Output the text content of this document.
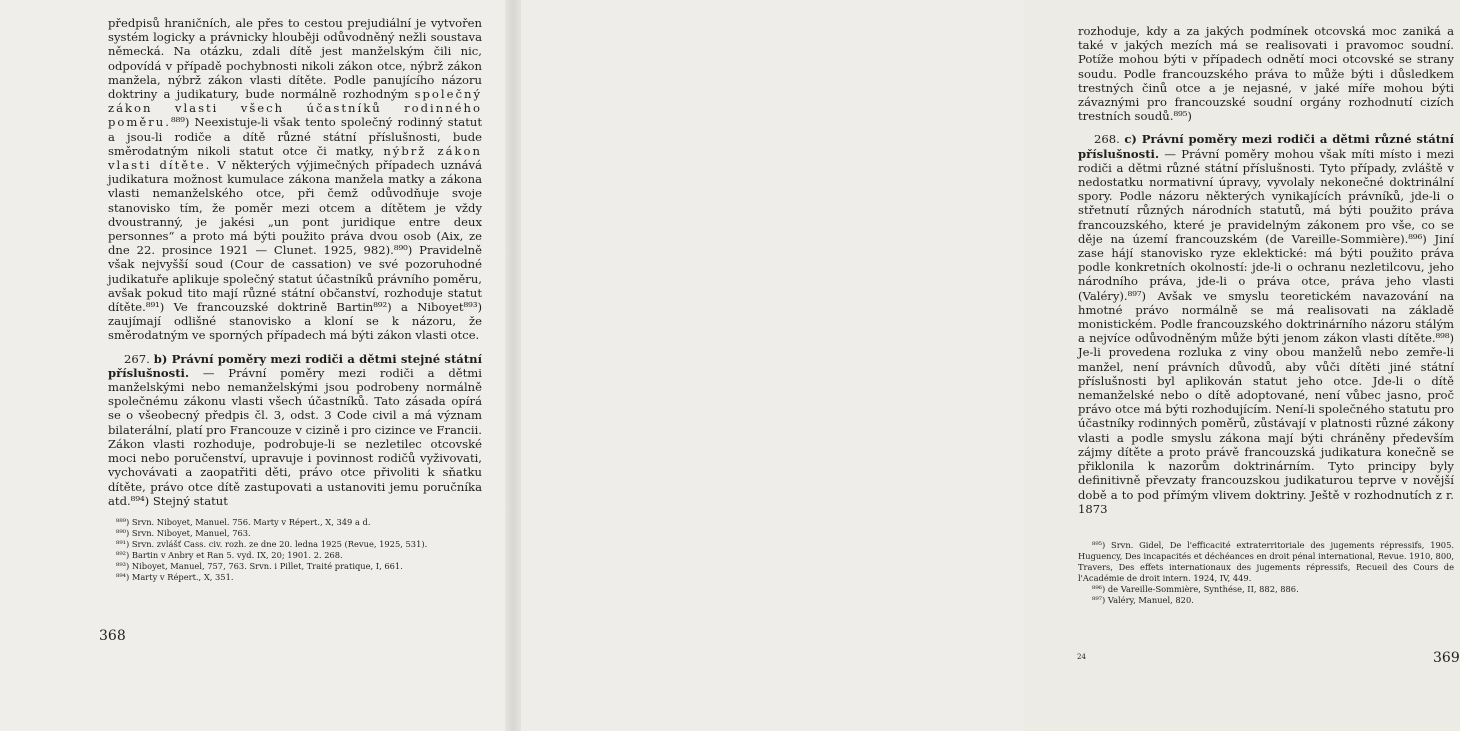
předpisů hraničních, ale přes to cestou prejudiální je vytvořen systém logicky a právnicky hlouběji odůvodněný nežli soustava německá. Na otázku, zdali dítě jest manželským čili nic, odpovídá v případě pochybnosti nikoli zákon otce, nýbrž zákon manžela, nýbrž zákon vlasti dítěte. Podle panujícího názoru doktriny a judikatury, bude normálně rozhodným společný zákon vlasti všech účastníků rodinného poměru.⁸⁸⁹) Neexistuje-li však tento společný rodinný statut a jsou-li rodiče a dítě různé státní příslušnosti, bude směrodatným nikoli statut otce či matky, nýbrž zákon vlasti dítěte. V některých výjimečných případech uznává judikatura možnost kumulace zákona manžela matky a zákona vlasti nemanželského otce, při čemž odůvodňuje svoje stanovisko tím, že poměr mezi otcem a dítětem je vždy dvoustranný, je jakési „un pont juridique entre deux personnes“ a proto má býti použito práva dvou osob (Aix, ze dne 22. prosince 1921 — Clunet. 1925, 982).⁸⁹⁰) Pravidelně však nejvyšší soud (Cour de cassation) ve své pozoruhodné judikatuře aplikuje společný statut účastníků právního poměru, avšak pokud tito mají různé státní občanství, rozhoduje statut dítěte.⁸⁹¹) Ve francouzské doktrině Bartin⁸⁹²) a Niboyet⁸⁹³) zaujímají odlišné stanovisko a kloní se k názoru, že směrodatným ve sporných případech má býti zákon vlasti otce.

267. b) Právní poměry mezi rodiči a dětmi stejné státní příslušnosti. — Právní poměry mezi rodiči a dětmi manželskými nebo nemanželskými jsou podrobeny normálně společnému zákonu vlasti všech účastníků. Tato zásada opírá se o všeobecný předpis čl. 3, odst. 3 Code civil a má význam bilaterální, platí pro Francouze v cizině i pro cizince ve Francii. Zákon vlasti rozhoduje, podrobuje-li se nezletilec otcovské moci nebo poručenství, upravuje i povinnost rodičů vyživovati, vychovávati a zaopatřiti děti, právo otce přivoliti k sňatku dítěte, právo otce dítě zastupovati a ustanoviti jemu poručníka atd.⁸⁹⁴) Stejný statut

⁸⁸⁹) Srvn. Niboyet, Manuel. 756. Marty v Répert., X, 349 a d.
⁸⁹⁰) Srvn. Niboyet, Manuel, 763.
⁸⁹¹) Srvn. zvlášť Cass. civ. rozh. ze dne 20. ledna 1925 (Revue, 1925, 531).
⁸⁹²) Bartin v Anbry et Ran 5. vyd. IX, 20; 1901. 2. 268.
⁸⁹³) Niboyet, Manuel, 757, 763. Srvn. i Pillet, Traité pratique, I, 661.
⁸⁹⁴) Marty v Répert., X, 351.
368

rozhoduje, kdy a za jakých podmínek otcovská moc zaniká a také v jakých mezích má se realisovati i pravomoc soudní. Potíže mohou býti v případech odnětí moci otcovské se strany soudu. Podle francouzského práva to může býti i důsledkem trestných činů otce a je nejasné, v jaké míře mohou býti závaznými pro francouzské soudní orgány rozhodnutí cizích trestních soudů.⁸⁹⁵)

268. c) Právní poměry mezi rodiči a dětmi různé státní příslušnosti. — Právní poměry mohou však míti místo i mezi rodiči a dětmi různé státní příslušnosti. Tyto případy, zvláště v nedostatku normativní úpravy, vyvolaly nekonečné doktrinální spory. Podle názoru některých vynikajících právníků, jde-li o střetnutí různých národních statutů, má býti použito práva francouzského, které je pravidelným zákonem pro vše, co se děje na území francouzském (de Vareille-Sommière).⁸⁹⁶) Jiní zase hájí stanovisko ryze eklektické: má býti použito práva podle konkretních okolností: jde-li o ochranu nezletilcovu, jeho národního práva, jde-li o práva otce, práva jeho vlasti (Valéry).⁸⁹⁷) Avšak ve smyslu teoretickém navazování na hmotné právo normálně se má realisovati na základě monistickém. Podle francouzského doktrinárního názoru stálým a nejvíce odůvodněným může býti jenom zákon vlasti dítěte.⁸⁹⁸) Je-li provedena rozluka z viny obou manželů nebo zemře-li manžel, není právních důvodů, aby vůči dítěti jiné státní příslušnosti byl aplikován statut jeho otce. Jde-li o dítě nemanželské nebo o dítě adoptované, není vůbec jasno, proč právo otce má býti rozhodujícím. Není-li společného statutu pro účastníky rodinných poměrů, zůstávají v platnosti různé zákony vlasti a podle smyslu zákona mají býti chráněny především zájmy dítěte a proto právě francouzská judikatura konečně se přiklonila k nazorům doktrinárním. Tyto principy byly definitivně převzaty francouzskou judikaturou teprve v novější době a to pod přímým vlivem doktriny. Ještě v rozhodnutích z r. 1873

⁸⁹⁵) Srvn. Gidel, De l'efficacité extraterritoriale des jugements répressifs, 1905. Huguency, Des incapacités et déchéances en droit pénal international, Revue. 1910, 800, Travers, Des effets internationaux des jugements répressifs, Recueil des Cours de l'Académie de droit intern. 1924, IV, 449.
⁸⁹⁶) de Vareille-Sommière, Synthése, II, 882, 886.
⁸⁹⁷) Valéry, Manuel, 820.
24	369
